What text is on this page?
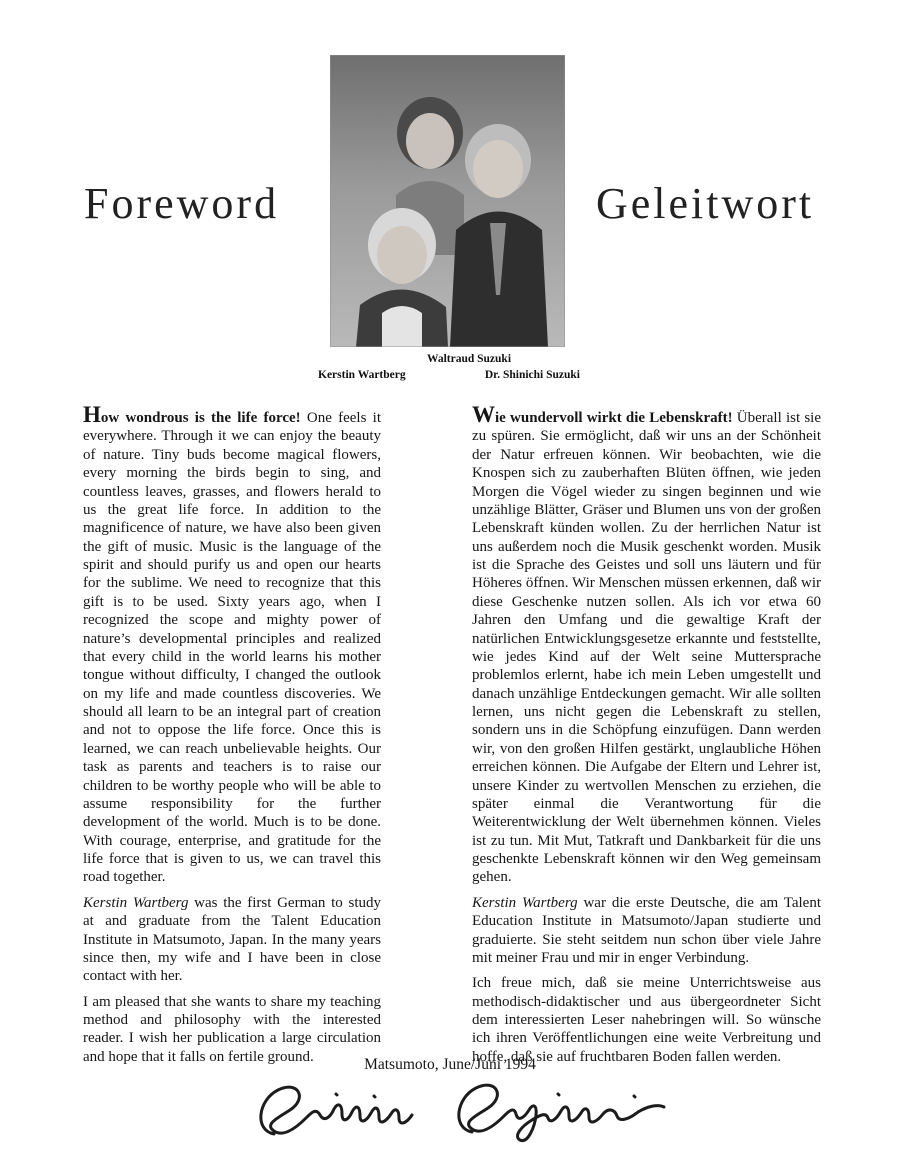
Foreword	Geleitwort
Waltraud Suzuki
Kerstin Wartberg	Dr. Shinichi Suzuki

How wondrous is the life force! One feels it everywhere. Through it we can enjoy the beauty of nature. Tiny buds become magical flowers, every morning the birds begin to sing, and countless leaves, grasses, and flowers herald to us the great life force. In addition to the magnificence of nature, we have also been given the gift of music. Music is the language of the spirit and should purify us and open our hearts for the sublime. We need to recognize that this gift is to be used. Sixty years ago, when I recognized the scope and mighty power of nature’s developmental principles and realized that every child in the world learns his mother tongue without difficulty, I changed the outlook on my life and made countless discoveries. We should all learn to be an integral part of creation and not to oppose the life force. Once this is learned, we can reach unbelievable heights. Our task as parents and teachers is to raise our children to be worthy people who will be able to assume responsibility for the further development of the world. Much is to be done. With courage, enterprise, and gratitude for the life force that is given to us, we can travel this road together.

Kerstin Wartberg was the first German to study at and graduate from the Talent Education Institute in Matsumoto, Japan. In the many years since then, my wife and I have been in close contact with her.

I am pleased that she wants to share my teaching method and philosophy with the interested reader. I wish her publication a large circulation and hope that it falls on fertile ground.

Wie wundervoll wirkt die Lebenskraft! Überall ist sie zu spüren. Sie ermöglicht, daß wir uns an der Schönheit der Natur erfreuen können. Wir beobachten, wie die Knospen sich zu zauberhaften Blüten öffnen, wie jeden Morgen die Vögel wieder zu singen beginnen und wie unzählige Blätter, Gräser und Blumen uns von der großen Lebenskraft künden wollen. Zu der herrlichen Natur ist uns außerdem noch die Musik geschenkt worden. Musik ist die Sprache des Geistes und soll uns läutern und für Höheres öffnen. Wir Menschen müssen erkennen, daß wir diese Geschenke nutzen sollen. Als ich vor etwa 60 Jahren den Umfang und die gewaltige Kraft der natürlichen Entwicklungsgesetze erkannte und feststellte, wie jedes Kind auf der Welt seine Muttersprache problemlos erlernt, habe ich mein Leben umgestellt und danach unzählige Entdeckungen gemacht. Wir alle sollten lernen, uns nicht gegen die Lebenskraft zu stellen, sondern uns in die Schöpfung einzufügen. Dann werden wir, von den großen Hilfen gestärkt, unglaubliche Höhen erreichen können. Die Aufgabe der Eltern und Lehrer ist, unsere Kinder zu wertvollen Menschen zu erziehen, die später einmal die Verantwortung für die Weiterentwicklung der Welt übernehmen können. Vieles ist zu tun. Mit Mut, Tatkraft und Dankbarkeit für die uns geschenkte Lebenskraft können wir den Weg gemeinsam gehen.

Kerstin Wartberg war die erste Deutsche, die am Talent Education Institute in Matsumoto/Japan studierte und graduierte. Sie steht seitdem nun schon über viele Jahre mit meiner Frau und mir in enger Verbindung.

Ich freue mich, daß sie meine Unterrichtsweise aus methodisch-didaktischer und aus übergeordneter Sicht dem interessierten Leser nahebringen will. So wünsche ich ihren Veröffentlichungen eine weite Verbreitung und hoffe, daß sie auf fruchtbaren Boden fallen werden.

Matsumoto, June/Juni 1994
